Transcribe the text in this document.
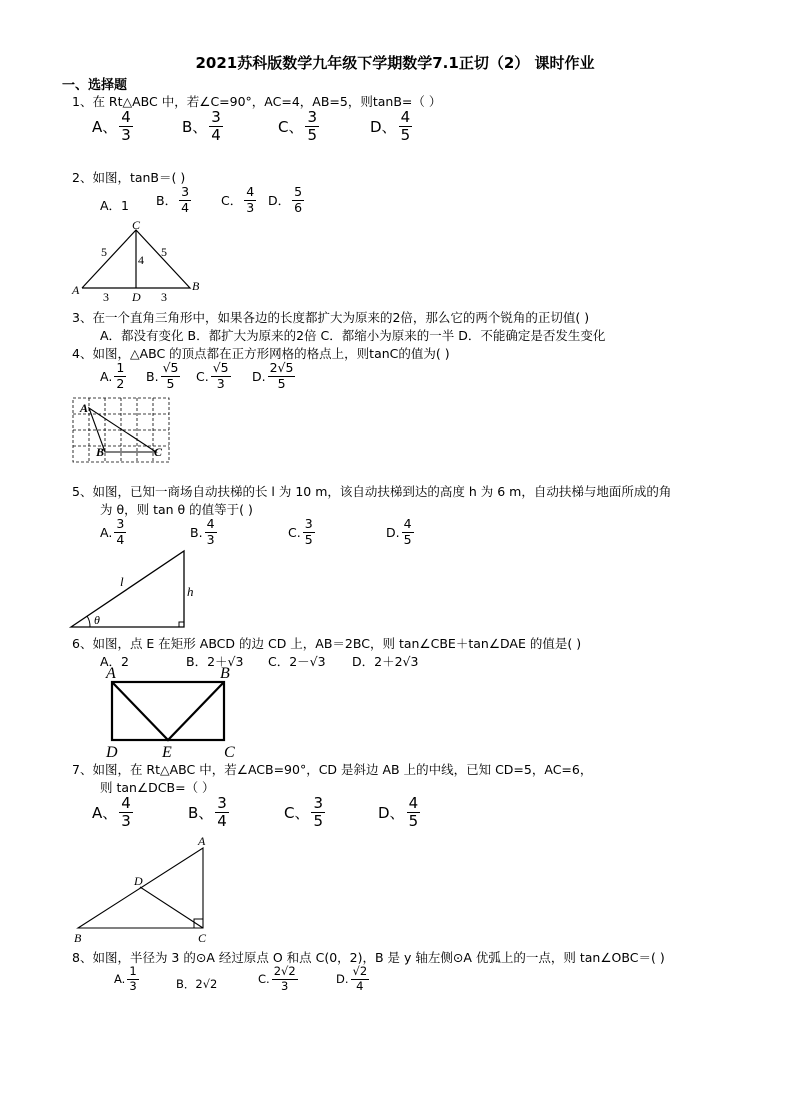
2021苏科版数学九年级下学期数学7.1正切（2） 课时作业
一、选择题
1、在 Rt△ABC 中，若∠C=90°，AC=4，AB=5，则tanB=（ ）
A、 $\frac{4}{3}$	B、 $\frac{3}{4}$	C、 $\frac{3}{5}$	D、 $\frac{4}{5}$
2、如图，tanB＝( )
A．1 B． $\frac{3}{4}$ C． $\frac{4}{3}$ D． $\frac{5}{6}$
C
A	D
B
5	5
4
3	3
3、在一个直角三角形中，如果各边的长度都扩大为原来的2倍，那么它的两个锐角的正切值( )
A．都没有变化 B．都扩大为原来的2倍 C．都缩小为原来的一半 D．不能确定是否发生变化
4、如图，△ABC 的顶点都在正方形网格的格点上，则tanC的值为( )
A. $\frac{1}{2} B$. $\frac{√5}{5} C$. $\frac{√5}{3} D$. $\frac{2√5}{5}$
A
B	C
5、如图，已知一商场自动扶梯的长 l 为 10 m，该自动扶梯到达的高度 h 为 6 m，自动扶梯与地面所成的角
为 θ，则 tan θ 的值等于( )
A. $\frac{3}{4}$	B. $\frac{4}{3}$	C. $\frac{3}{5}$	D. $\frac{4}{5}$
l
h
θ
6、如图，点 E 在矩形 ABCD 的边 CD 上，AB＝2BC，则 tan∠CBE＋tan∠DAE 的值是( )
A．2	B．2＋√3 C．2－√3 D．2＋2√3
A	B
D	E	C
7、如图，在 Rt△ABC 中，若∠ACB=90°，CD 是斜边 AB 上的中线，已知 CD=5，AC=6，
则 tan∠DCB=（ ）
A、 $\frac{4}{3}$	B、 $\frac{3}{4}$	C、 $\frac{3}{5}$	D、 $\frac{4}{5}$
A
D
B	C
8、如图，半径为 3 的⊙A 经过原点 O 和点 C(0，2)，B 是 y 轴左侧⊙A 优弧上的一点，则 tan∠OBC＝( )
A. $\frac{1}{3}$	B．2√2	C. $\frac{2√2}{3}$	D. $\frac{√2}{4}$
